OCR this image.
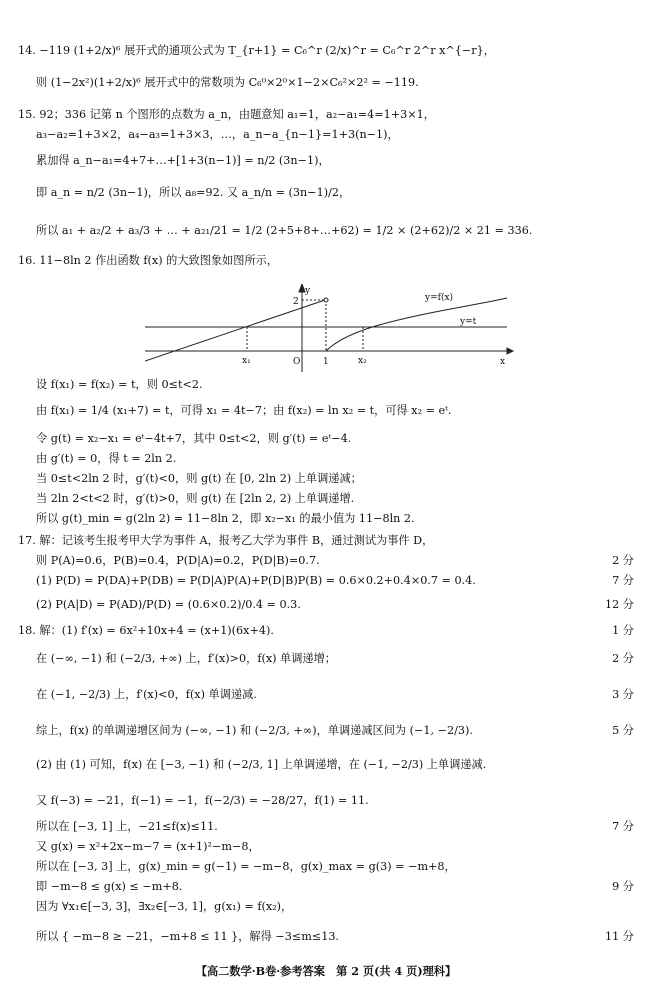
14. −119 (1+2/x)⁶ 展开式的通项公式为 T_{r+1} = C₆^r (2/x)^r = C₆^r 2^r x^{−r}，
则 (1−2x²)(1+2/x)⁶ 展开式中的常数项为 C₆⁰×2⁰×1−2×C₆²×2² = −119.
15. 92；336 记第 n 个图形的点数为 a_n，由题意知 a₁=1，a₂−a₁=4=1+3×1，
a₃−a₂=1+3×2，a₄−a₃=1+3×3，…，a_n−a_{n−1}=1+3(n−1)，
累加得 a_n−a₁=4+7+…+[1+3(n−1)] = n/2 (3n−1)，
即 a_n = n/2 (3n−1)，所以 a₈=92. 又 a_n/n = (3n−1)/2，
所以 a₁ + a₂/2 + a₃/3 + … + a₂₁/21 = 1/2 (2+5+8+…+62) = 1/2 × (2+62)/2 × 21 = 336.
16. 11−8ln 2 作出函数 f(x) 的大致图象如图所示，
y
x
2
O	1
x₁	x₂
y=f(x)
y=t
设 f(x₁) = f(x₂) = t，则 0≤t<2.
由 f(x₁) = 1/4 (x₁+7) = t，可得 x₁ = 4t−7；由 f(x₂) = ln x₂ = t，可得 x₂ = eᵗ.
令 g(t) = x₂−x₁ = eᵗ−4t+7，其中 0≤t<2，则 g′(t) = eᵗ−4.
由 g′(t) = 0，得 t = 2ln 2.
当 0≤t<2ln 2 时，g′(t)<0，则 g(t) 在 [0, 2ln 2) 上单调递减；
当 2ln 2<t<2 时，g′(t)>0，则 g(t) 在 [2ln 2, 2) 上单调递增.
所以 g(t)_min = g(2ln 2) = 11−8ln 2，即 x₂−x₁ 的最小值为 11−8ln 2.
17. 解：记该考生报考甲大学为事件 A，报考乙大学为事件 B，通过测试为事件 D，
则 P(A)=0.6，P(B)=0.4，P(D|A)=0.2，P(D|B)=0.7.	2 分
(1) P(D) = P(DA)+P(DB) = P(D|A)P(A)+P(D|B)P(B) = 0.6×0.2+0.4×0.7 = 0.4.	7 分
(2) P(A|D) = P(AD)/P(D) = (0.6×0.2)/0.4 = 0.3.	12 分
18. 解：(1) f′(x) = 6x²+10x+4 = (x+1)(6x+4).	1 分
在 (−∞, −1) 和 (−2/3, +∞) 上，f′(x)>0，f(x) 单调递增；	2 分
在 (−1, −2/3) 上，f′(x)<0，f(x) 单调递减.	3 分
综上，f(x) 的单调递增区间为 (−∞, −1) 和 (−2/3, +∞)，单调递减区间为 (−1, −2/3).	5 分
(2) 由 (1) 可知，f(x) 在 [−3, −1) 和 (−2/3, 1] 上单调递增，在 (−1, −2/3) 上单调递减.
又 f(−3) = −21，f(−1) = −1，f(−2/3) = −28/27，f(1) = 11.
所以在 [−3, 1] 上，−21≤f(x)≤11.	7 分
又 g(x) = x²+2x−m−7 = (x+1)²−m−8，
所以在 [−3, 3] 上，g(x)_min = g(−1) = −m−8，g(x)_max = g(3) = −m+8，
即 −m−8 ≤ g(x) ≤ −m+8.	9 分
因为 ∀x₁∈[−3, 3]，∃x₂∈[−3, 1]，g(x₁) = f(x₂)，
所以 { −m−8 ≥ −21，−m+8 ≤ 11 }，解得 −3≤m≤13.	11 分
【高二数学·B卷·参考答案　第 2 页(共 4 页)理科】
